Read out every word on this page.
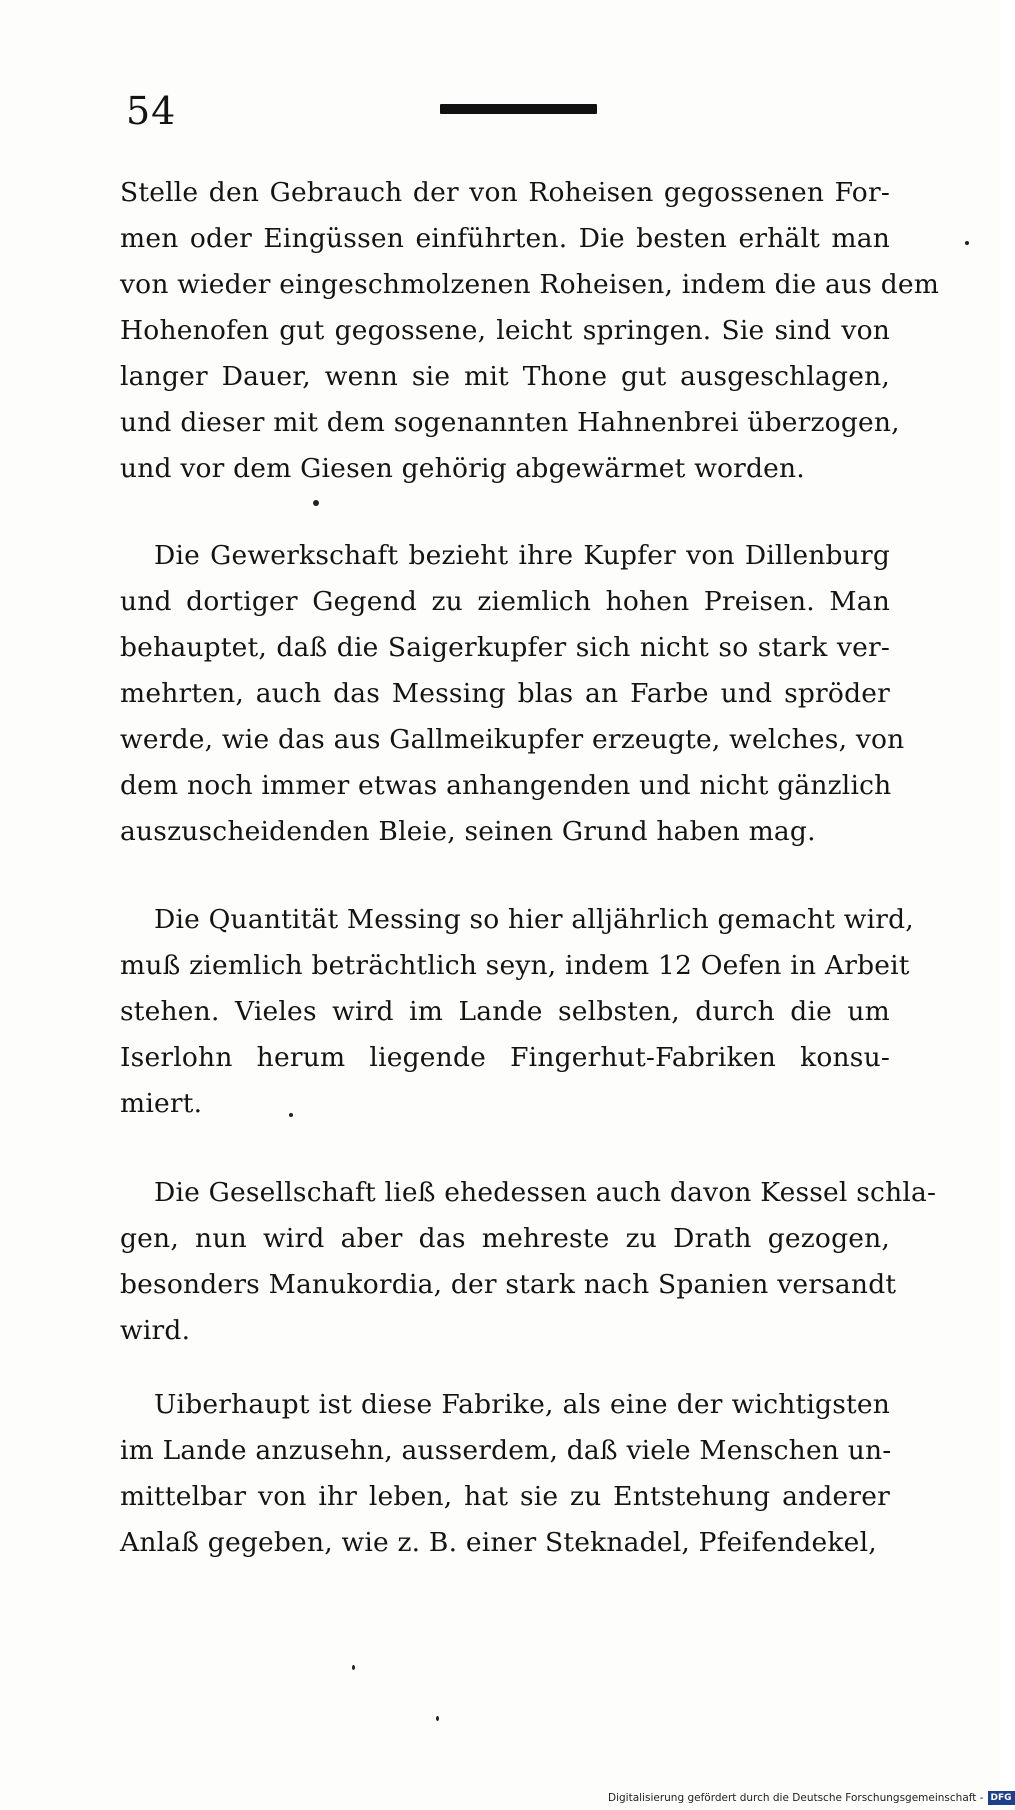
54
Stelle den Gebrauch der von Roheisen gegossenen For-
men oder Eingüssen einführten. Die besten erhält man
von wieder eingeschmolzenen Roheisen, indem die aus dem
Hohenofen gut gegossene, leicht springen. Sie sind von
langer Dauer, wenn sie mit Thone gut ausgeschlagen,
und dieser mit dem sogenannten Hahnenbrei überzogen,
und vor dem Giesen gehörig abgewärmet worden.
Die Gewerkschaft bezieht ihre Kupfer von Dillenburg
und dortiger Gegend zu ziemlich hohen Preisen. Man
behauptet, daß die Saigerkupfer sich nicht so stark ver-
mehrten, auch das Messing blas an Farbe und spröder
werde, wie das aus Gallmeikupfer erzeugte, welches, von
dem noch immer etwas anhangenden und nicht gänzlich
auszuscheidenden Bleie, seinen Grund haben mag.
Die Quantität Messing so hier alljährlich gemacht wird,
muß ziemlich beträchtlich seyn, indem 12 Oefen in Arbeit
stehen. Vieles wird im Lande selbsten, durch die um
Iserlohn herum liegende Fingerhut-Fabriken konsu-
miert.
Die Gesellschaft ließ ehedessen auch davon Kessel schla-
gen, nun wird aber das mehreste zu Drath gezogen,
besonders Manukordia, der stark nach Spanien versandt
wird.
Uiberhaupt ist diese Fabrike, als eine der wichtigsten
im Lande anzusehn, ausserdem, daß viele Menschen un-
mittelbar von ihr leben, hat sie zu Entstehung anderer
Anlaß gegeben, wie z. B. einer Steknadel, Pfeifendekel,
Digitalisierung gefördert durch die Deutsche Forschungsgemeinschaft - DFG
